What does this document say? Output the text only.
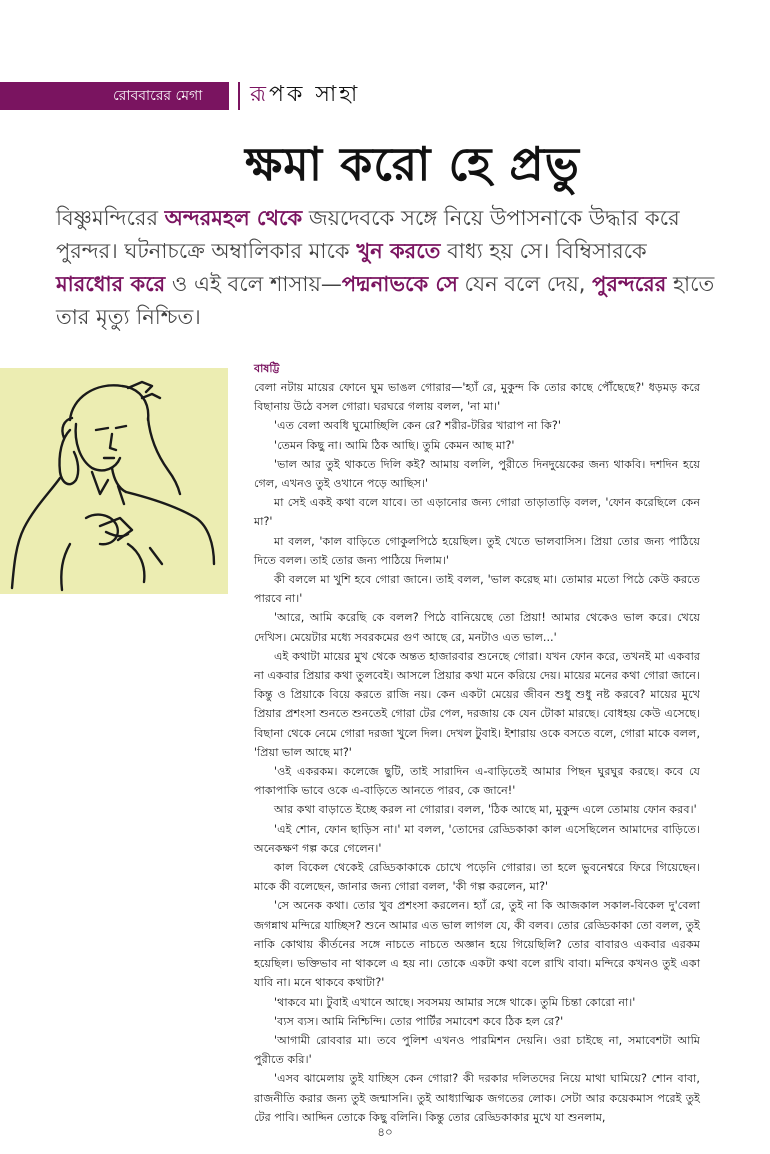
রোববারের মেগা	রূপক সাহা
ক্ষমা করো হে প্রভু
বিষ্ণুমন্দিরের অন্দরমহল থেকে জয়দেবকে সঙ্গে নিয়ে উপাসনাকে উদ্ধার করে পুরন্দর। ঘটনাচক্রে অম্বালিকার মাকে খুন করতে বাধ্য হয় সে। বিম্বিসারকে মারধোর করে ও এই বলে শাসায়—পদ্মনাভকে সে যেন বলে দেয়, পুরন্দরের হাতে তার মৃত্যু নিশ্চিত।
বাষট্টি

বেলা নটায় মায়ের ফোনে ঘুম ভাঙল গোরার—'হ্যাঁ রে, মুকুন্দ কি তোর কাছে পৌঁছেছে?' ধড়মড় করে বিছানায় উঠে বসল গোরা। ঘরঘরে গলায় বলল, 'না মা।'

'এত বেলা অবধি ঘুমোচ্ছিলি কেন রে? শরীর-টরির খারাপ না কি?'

'তেমন কিছু না। আমি ঠিক আছি। তুমি কেমন আছ মা?'

'ভাল আর তুই থাকতে দিলি কই? আমায় বললি, পুরীতে দিনদুয়েকের জন্য থাকবি। দশদিন হয়ে গেল, এখনও তুই ওখানে পড়ে আছিস।'

মা সেই একই কথা বলে যাবে। তা এড়ানোর জন্য গোরা তাড়াতাড়ি বলল, 'ফোন করেছিলে কেন মা?'

মা বলল, 'কাল বাড়িতে গোকুলপিঠে হয়েছিল। তুই খেতে ভালবাসিস। প্রিয়া তোর জন্য পাঠিয়ে দিতে বলল। তাই তোর জন্য পাঠিয়ে দিলাম।'

কী বললে মা খুশি হবে গোরা জানে। তাই বলল, 'ভাল করেছ মা। তোমার মতো পিঠে কেউ করতে পারবে না।'

'আরে, আমি করেছি কে বলল? পিঠে বানিয়েছে তো প্রিয়া! আমার থেকেও ভাল করে। খেয়ে দেখিস। মেয়েটার মধ্যে সবরকমের গুণ আছে রে, মনটাও এত ভাল...'

এই কথাটা মায়ের মুখ থেকে অন্তত হাজারবার শুনেছে গোরা। যখন ফোন করে, তখনই মা একবার না একবার প্রিয়ার কথা তুলবেই। আসলে প্রিয়ার কথা মনে করিয়ে দেয়। মায়ের মনের কথা গোরা জানে। কিন্তু ও প্রিয়াকে বিয়ে করতে রাজি নয়। কেন একটা মেয়ের জীবন শুধু শুধু নষ্ট করবে? মায়ের মুখে প্রিয়ার প্রশংসা শুনতে শুনতেই গোরা টের পেল, দরজায় কে যেন টোকা মারছে। বোধহয় কেউ এসেছে। বিছানা থেকে নেমে গোরা দরজা খুলে দিল। দেখল টুবাই। ইশারায় ওকে বসতে বলে, গোরা মাকে বলল, 'প্রিয়া ভাল আছে মা?'

'ওই একরকম। কলেজে ছুটি, তাই সারাদিন এ-বাড়িতেই আমার পিছন ঘুরঘুর করছে। কবে যে পাকাপাকি ভাবে ওকে এ-বাড়িতে আনতে পারব, কে জানে!'

আর কথা বাড়াতে ইচ্ছে করল না গোরার। বলল, 'ঠিক আছে মা, মুকুন্দ এলে তোমায় ফোন করব।'

'এই শোন, ফোন ছাড়িস না।' মা বলল, 'তোদের রেড্ডিকাকা কাল এসেছিলেন আমাদের বাড়িতে। অনেকক্ষণ গল্প করে গেলেন।'

কাল বিকেল থেকেই রেড্ডিকাকাকে চোখে পড়েনি গোরার। তা হলে ভুবনেশ্বরে ফিরে গিয়েছেন। মাকে কী বলেছেন, জানার জন্য গোরা বলল, 'কী গল্প করলেন, মা?'

'সে অনেক কথা। তোর খুব প্রশংসা করলেন। হ্যাঁ রে, তুই না কি আজকাল সকাল-বিকেল দু'বেলা জগন্নাথ মন্দিরে যাচ্ছিস? শুনে আমার এত ভাল লাগল যে, কী বলব। তোর রেড্ডিকাকা তো বলল, তুই নাকি কোথায় কীর্তনের সঙ্গে নাচতে নাচতে অজ্ঞান হয়ে গিয়েছিলি? তোর বাবারও একবার এরকম হয়েছিল। ভক্তিভাব না থাকলে এ হয় না। তোকে একটা কথা বলে রাখি বাবা। মন্দিরে কখনও তুই একা যাবি না। মনে থাকবে কথাটা?'

'থাকবে মা। টুবাই এখানে আছে। সবসময় আমার সঙ্গে থাকে। তুমি চিন্তা কোরো না।'

'ব্যস ব্যস। আমি নিশ্চিন্দি। তোর পার্টির সমাবেশ কবে ঠিক হল রে?'

'আগামী রোববার মা। তবে পুলিশ এখনও পারমিশন দেয়নি। ওরা চাইছে না, সমাবেশটা আমি পুরীতে করি।'

'এসব ঝামেলায় তুই যাচ্ছিস কেন গোরা? কী দরকার দলিতদের নিয়ে মাথা ঘামিয়ে? শোন বাবা, রাজনীতি করার জন্য তুই জন্মাসনি। তুই আধ্যাত্মিক জগতের লোক। সেটা আর কয়েকমাস পরেই তুই টের পাবি। আদ্দিন তোকে কিছু বলিনি। কিন্তু তোর রেড্ডিকাকার মুখে যা শুনলাম,

৪০
